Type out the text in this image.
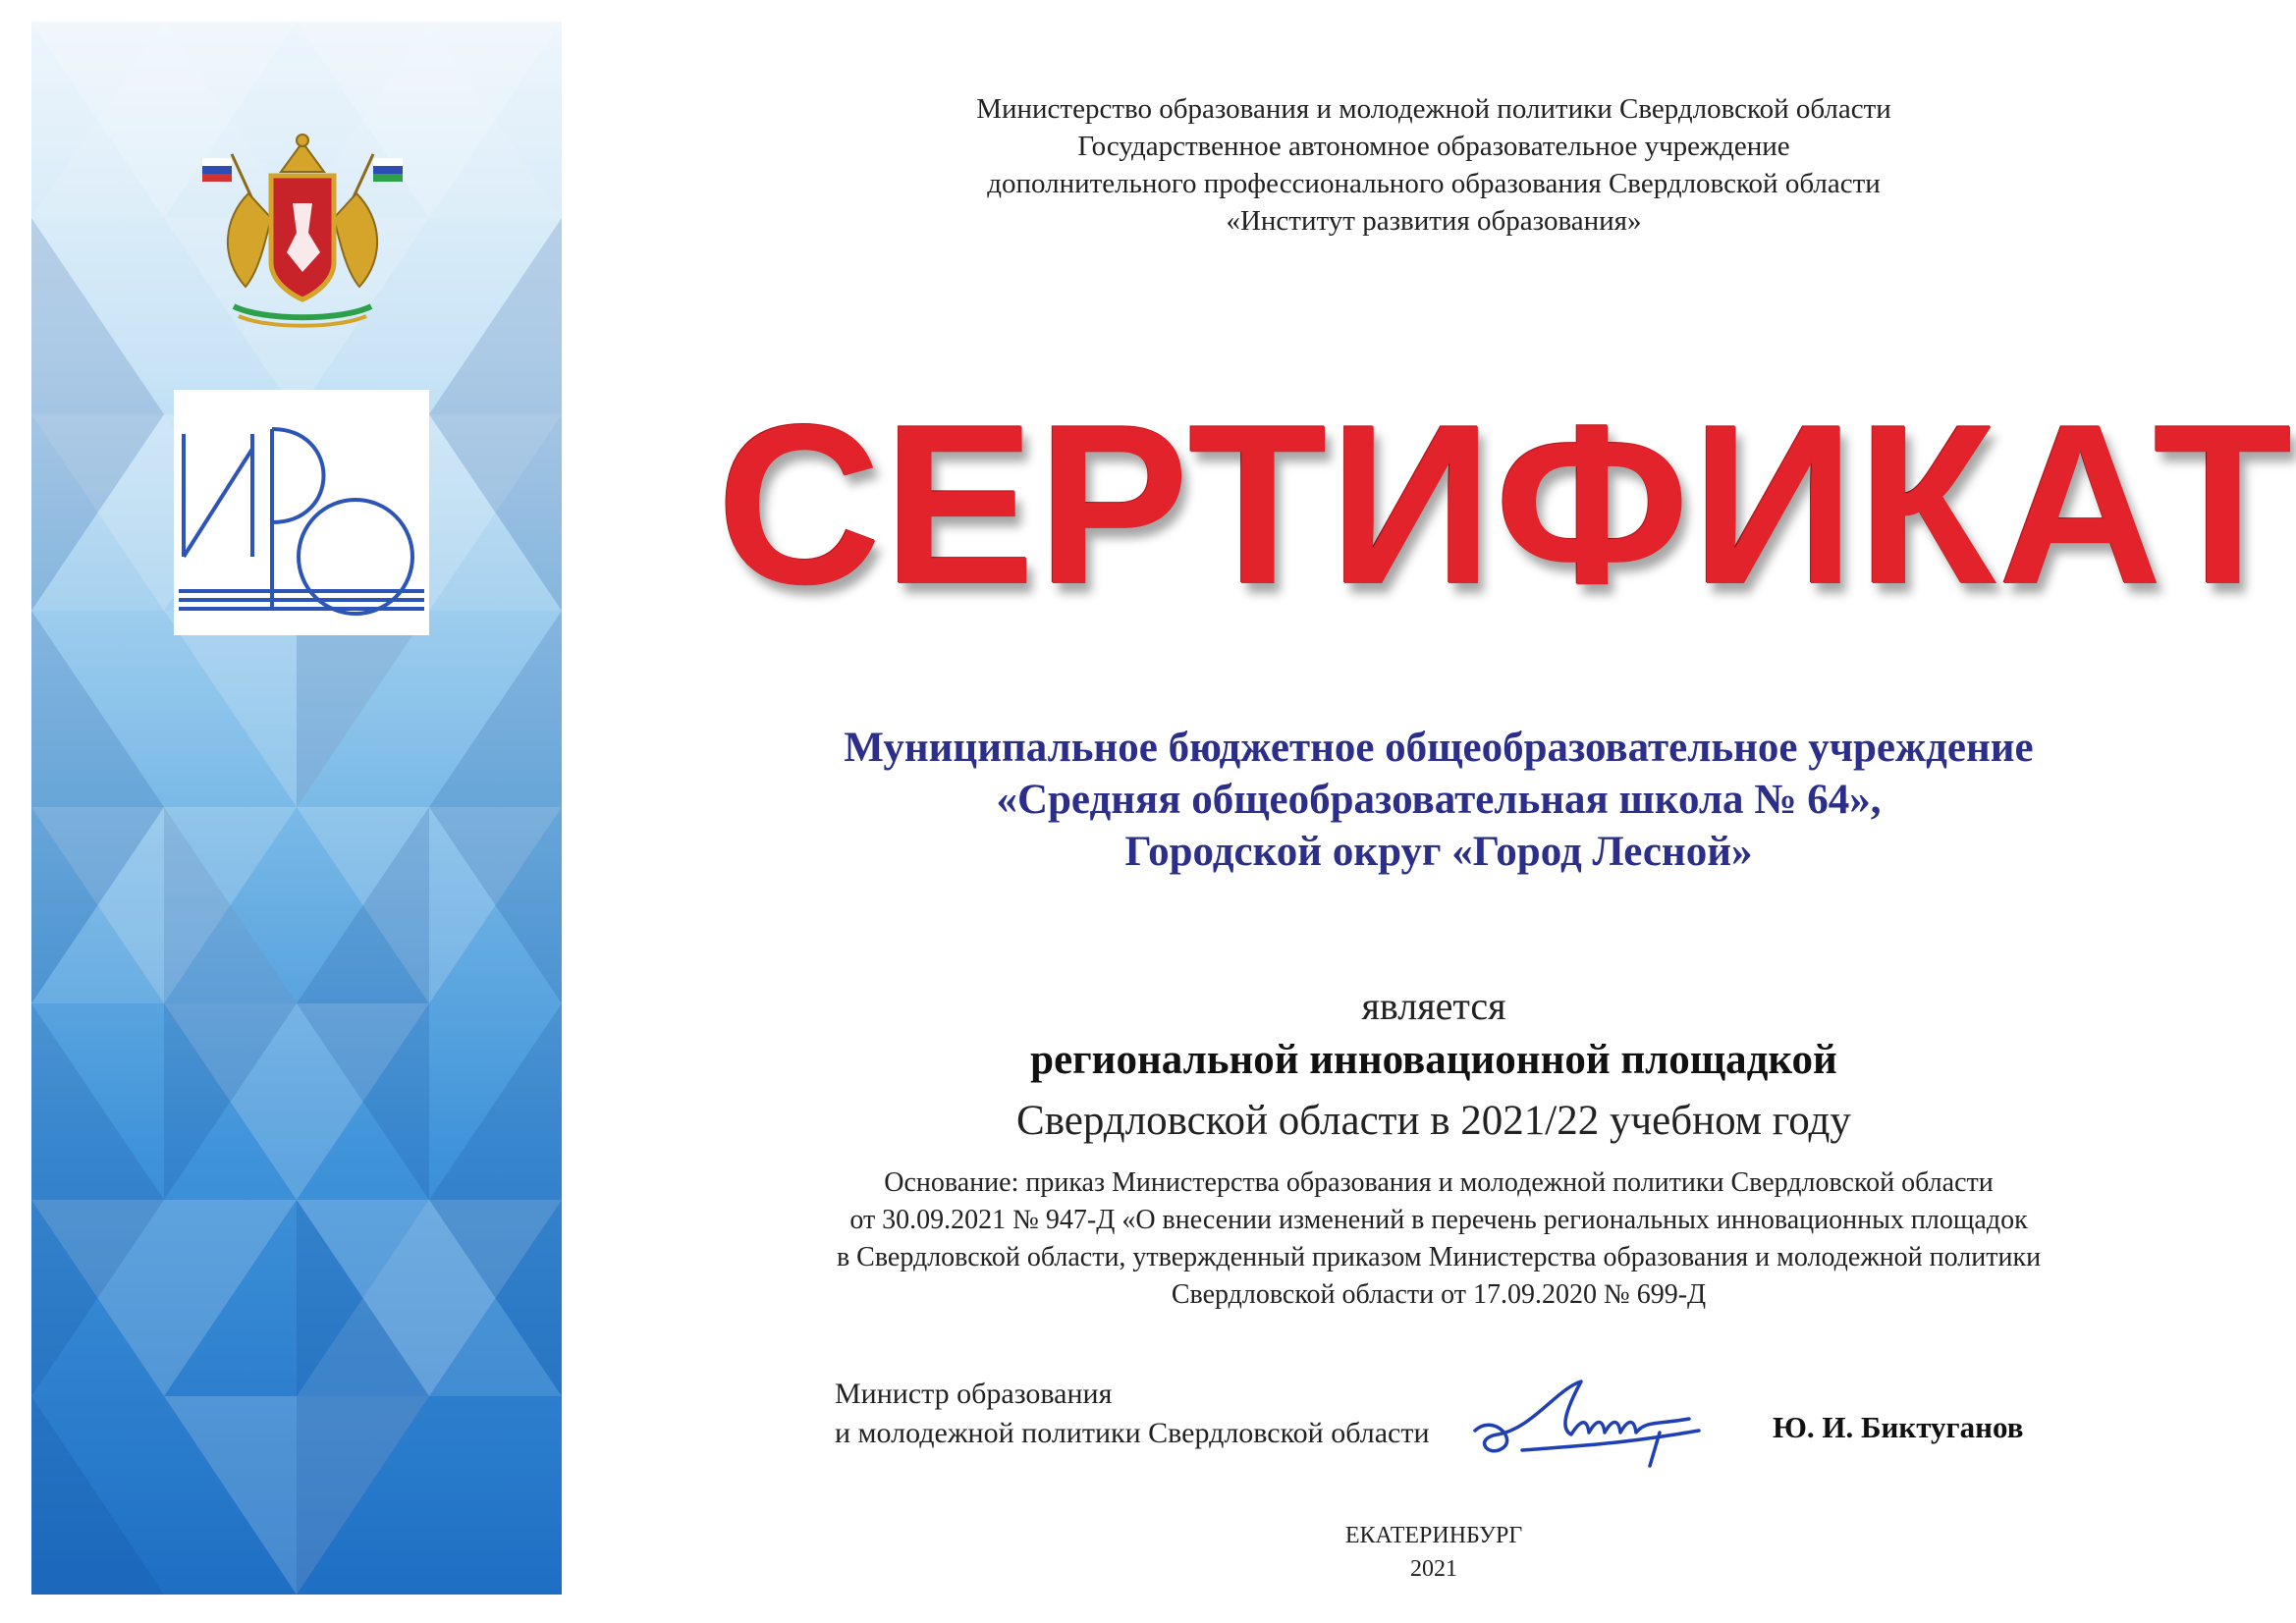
Министерство образования и молодежной политики Свердловской области
Государственное автономное образовательное учреждение
дополнительного профессионального образования Свердловской области
«Институт развития образования»
СЕРТИФИКАТ
Муниципальное бюджетное общеобразовательное учреждение
«Средняя общеобразовательная школа № 64»,
Городской округ «Город Лесной»
является
региональной инновационной площадкой
Свердловской области в 2021/22 учебном году
Основание: приказ Министерства образования и молодежной политики Свердловской области
от 30.09.2021 № 947-Д «О внесении изменений в перечень региональных инновационных площадок
в Свердловской области, утвержденный приказом Министерства образования и молодежной политики
Свердловской области от 17.09.2020 № 699-Д
Министр образования
и молодежной политики Свердловской области	Ю. И. Биктуганов
ЕКАТЕРИНБУРГ
2021
